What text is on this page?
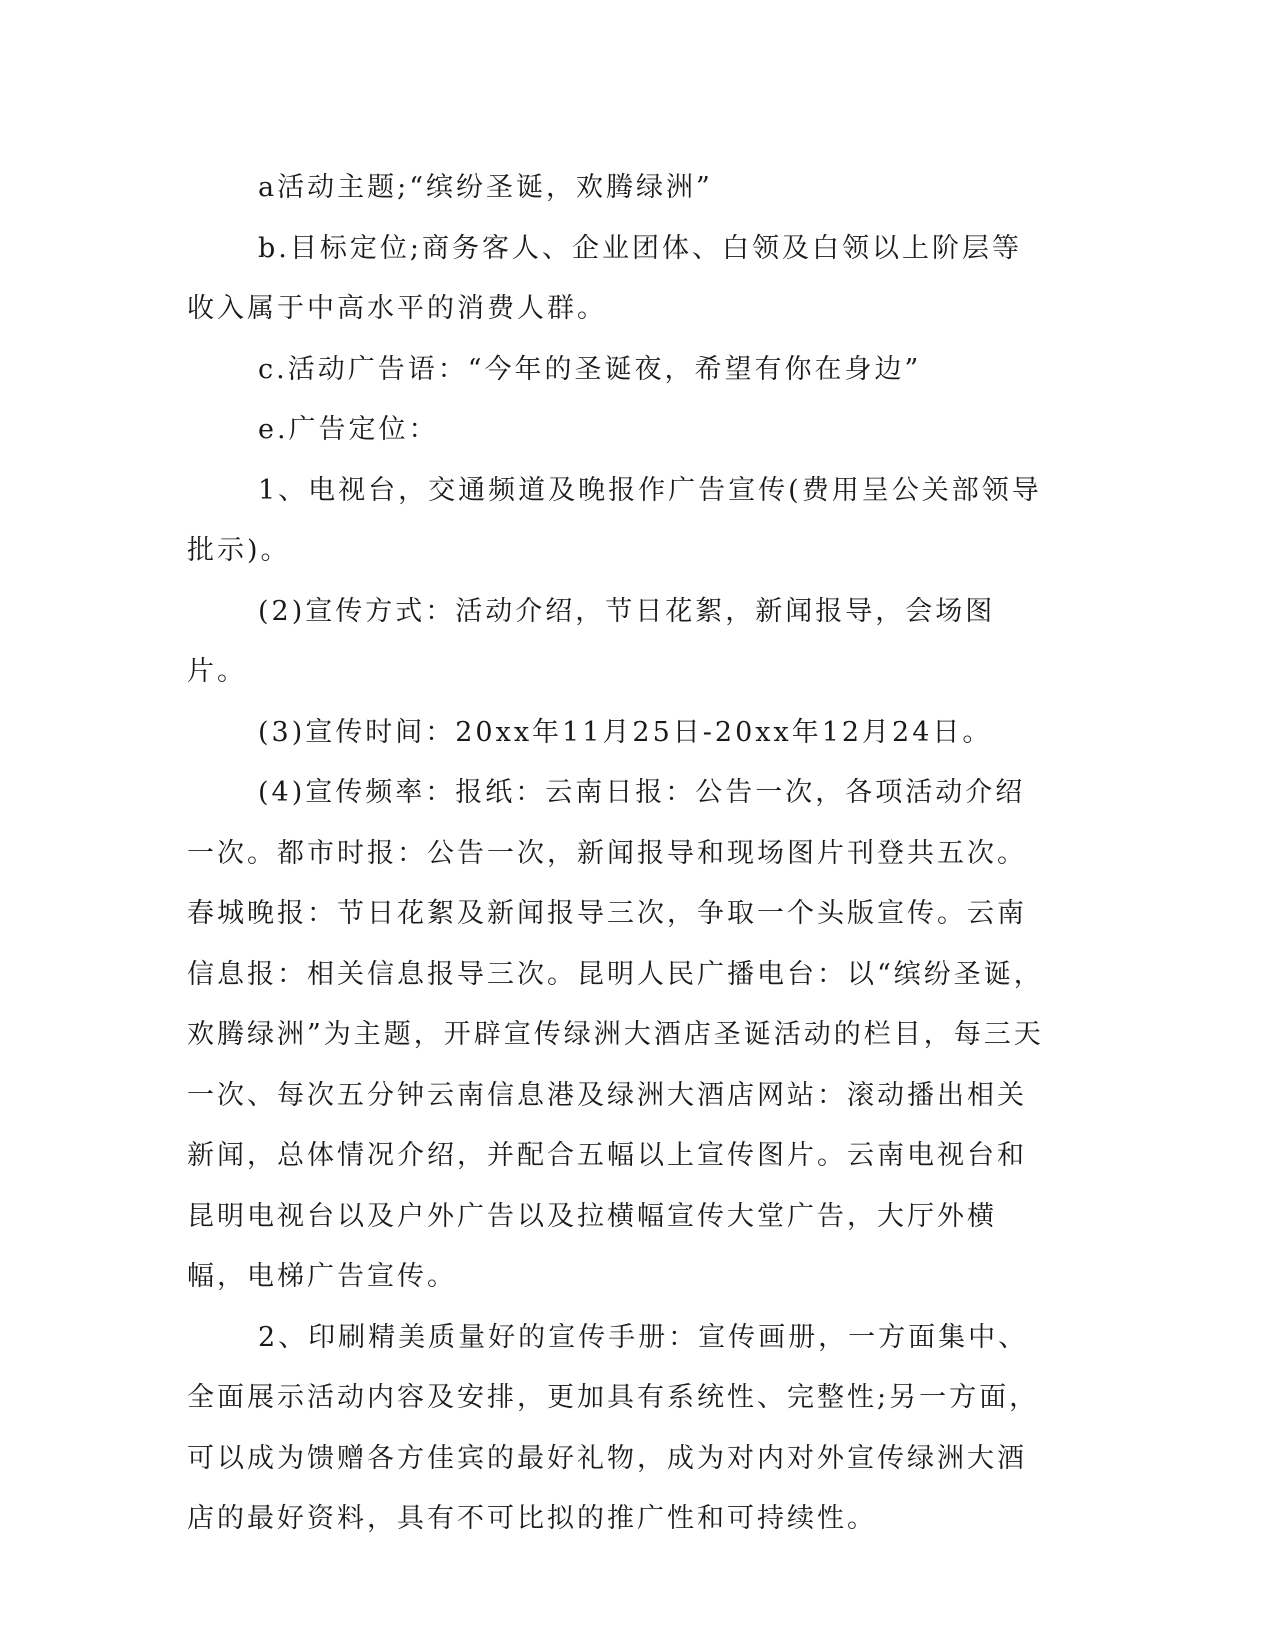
a活动主题;“缤纷圣诞，欢腾绿洲”

b.目标定位;商务客人、企业团体、白领及白领以上阶层等收入属于中高水平的消费人群。

c.活动广告语：“今年的圣诞夜，希望有你在身边”

e.广告定位：

1、电视台，交通频道及晚报作广告宣传(费用呈公关部领导批示)。

(2)宣传方式：活动介绍，节日花絮，新闻报导，会场图片。

(3)宣传时间：20xx年11月25日-20xx年12月24日。

(4)宣传频率：报纸：云南日报：公告一次，各项活动介绍一次。都市时报：公告一次，新闻报导和现场图片刊登共五次。春城晚报：节日花絮及新闻报导三次，争取一个头版宣传。云南信息报：相关信息报导三次。昆明人民广播电台：以“缤纷圣诞，欢腾绿洲”为主题，开辟宣传绿洲大酒店圣诞活动的栏目，每三天一次、每次五分钟云南信息港及绿洲大酒店网站：滚动播出相关新闻，总体情况介绍，并配合五幅以上宣传图片。云南电视台和昆明电视台以及户外广告以及拉横幅宣传大堂广告，大厅外横幅，电梯广告宣传。

2、印刷精美质量好的宣传手册：宣传画册，一方面集中、全面展示活动内容及安排，更加具有系统性、完整性;另一方面，可以成为馈赠各方佳宾的最好礼物，成为对内对外宣传绿洲大酒店的最好资料，具有不可比拟的推广性和可持续性。
